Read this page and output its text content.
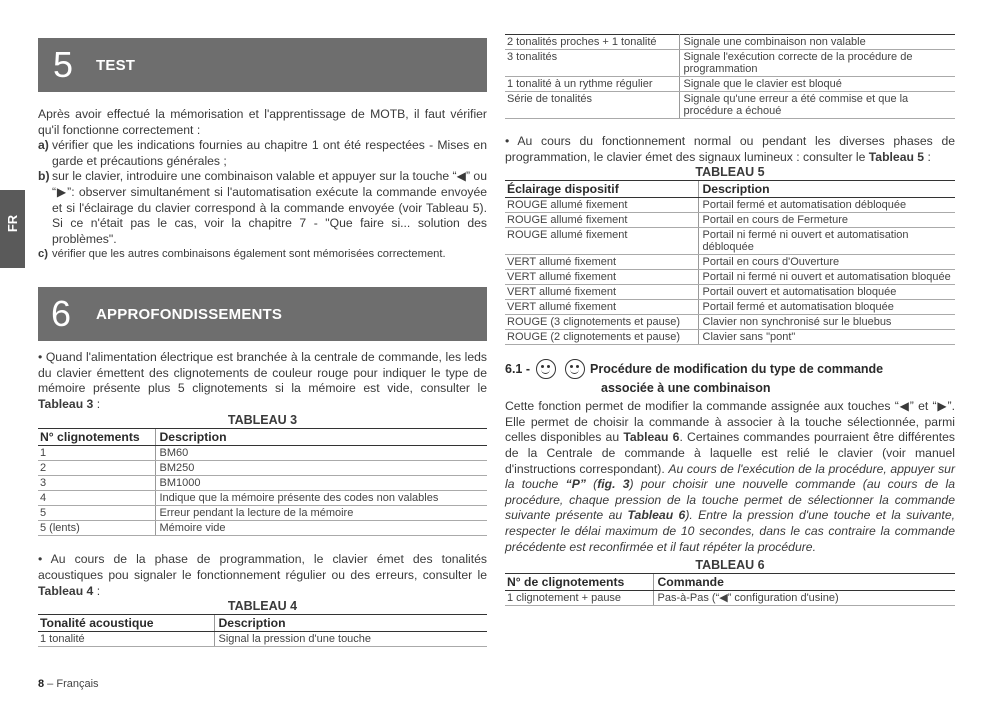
FR
5 TEST

Après avoir effectué la mémorisation et l'apprentissage de MOTB, il faut vérifier qu'il fonctionne correctement :

a) vérifier que les indications fournies au chapitre 1 ont été respectées - Mises en garde et précautions générales ;
b) sur le clavier, introduire une combinaison valable et appuyer sur la touche “◀” ou “▶”: observer simultanément si l'automatisation exécute la commande envoyée et si l'éclairage du clavier correspond à la commande envoyée (voir Tableau 5). Si ce n'était pas le cas, voir la chapitre 7 - "Que faire si... solution des problèmes".
c) vérifier que les autres combinaisons également sont mémorisées correctement.
6 APPROFONDISSEMENTS

• Quand l'alimentation électrique est branchée à la centrale de commande, les leds du clavier émettent des clignotements de couleur rouge pour indiquer le type de mémoire présente plus 5 clignotements si la mémoire est vide, consulter le Tableau 3 :

TABLEAU 3
N° clignotements	Description
1	BM60
2	BM250
3	BM1000
4	Indique que la mémoire présente des codes non valables
5	Erreur pendant la lecture de la mémoire
5 (lents)	Mémoire vide

• Au cours de la phase de programmation, le clavier émet des tonalités acoustiques pou signaler le fonctionnement régulier ou des erreurs, consulter le Tableau 4 :

TABLEAU 4
Tonalité acoustique	Description
1 tonalité	Signal la pression d'une touche
8 – Français
2 tonalités proches + 1 tonalité	Signale une combinaison non valable
3 tonalités	Signale l'exécution correcte de la procédure de programmation
1 tonalité à un rythme régulier	Signale que le clavier est bloqué
Série de tonalités	Signale qu'une erreur a été commise et que la procédure a échoué

• Au cours du fonctionnement normal ou pendant les diverses phases de programmation, le clavier émet des signaux lumineux : consulter le Tableau 5 :

TABLEAU 5
Éclairage dispositif	Description
ROUGE allumé fixement	Portail fermé et automatisation débloquée
ROUGE allumé fixement	Portail en cours de Fermeture
ROUGE allumé fixement	Portail ni fermé ni ouvert et automatisation débloquée
VERT allumé fixement	Portail en cours d'Ouverture
VERT allumé fixement	Portail ni fermé ni ouvert et automatisation bloquée
VERT allumé fixement	Portail ouvert et automatisation bloquée
VERT allumé fixement	Portail fermé et automatisation bloquée
ROUGE (3 clignotements et pause)	Clavier non synchronisé sur le bluebus
ROUGE (2 clignotements et pause)	Clavier sans "pont"
6.1 -	Procédure de modification du type de commande
associée à une combinaison

Cette fonction permet de modifier la commande assignée aux touches “◀” et “▶”. Elle permet de choisir la commande à associer à la touche sélectionnée, parmi celles disponibles au Tableau 6. Certaines commandes pourraient être différentes de la Centrale de commande à laquelle est relié le clavier (voir manuel d'instructions correspondant). Au cours de l'exécution de la procédure, appuyer sur la touche “P” (fig. 3) pour choisir une nouvelle commande (au cours de la procédure, chaque pression de la touche permet de sélectionner la commande suivante présente au Tableau 6). Entre la pression d'une touche et la suivante, respecter le délai maximum de 10 secondes, dans le cas contraire la commande précédente est reconfirmée et il faut répéter la procédure.

TABLEAU 6
N° de clignotements	Commande
1 clignotement + pause	Pas-à-Pas (“◀” configuration d'usine)
